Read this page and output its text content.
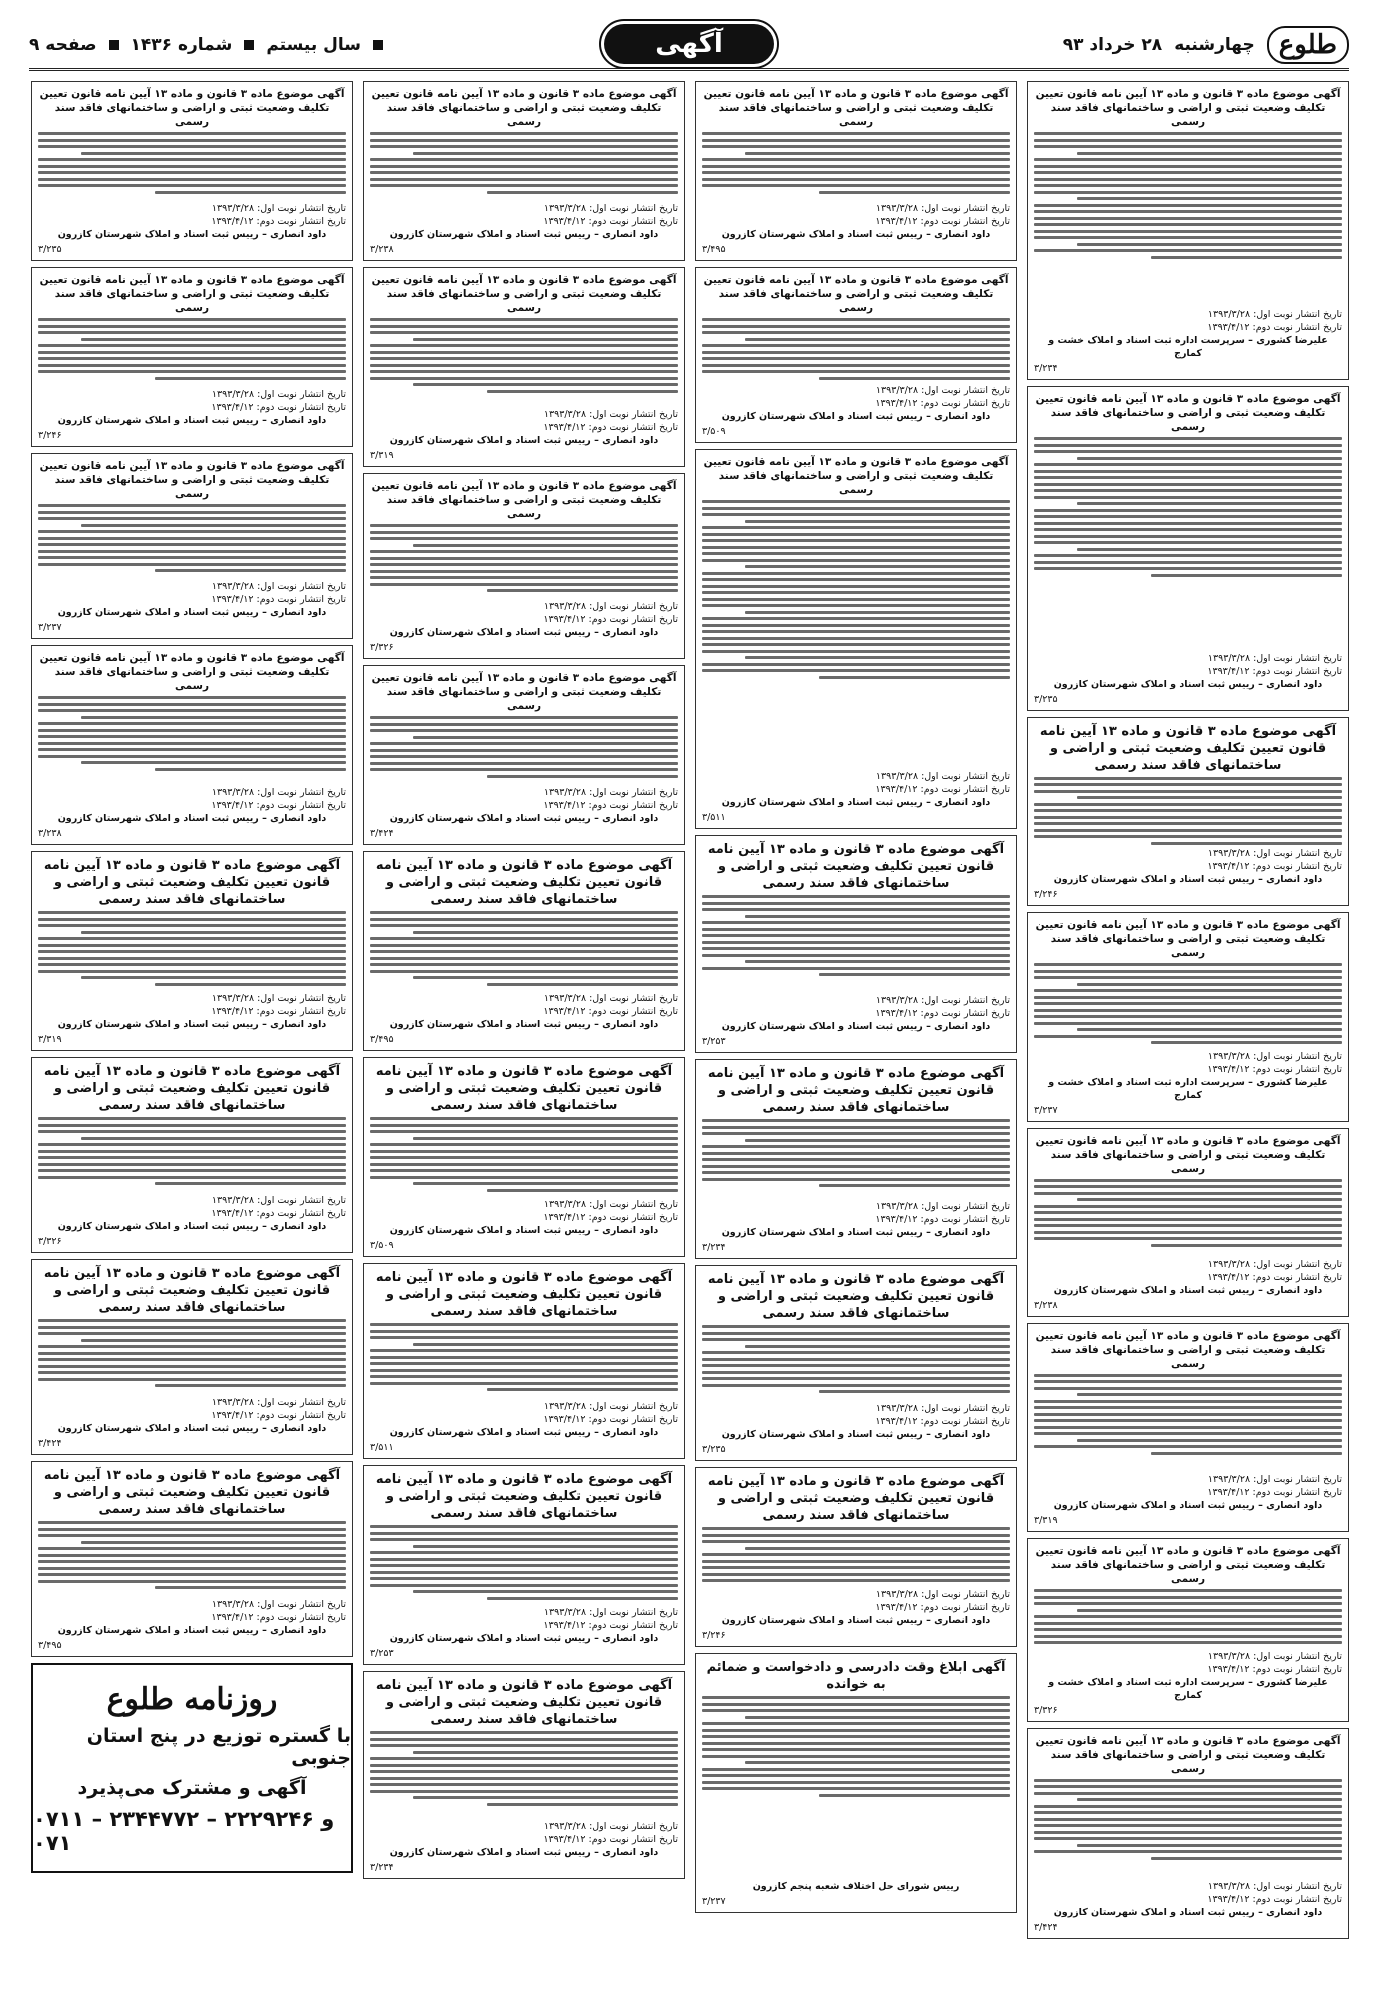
طلوع
چهارشنبه
۲۸ خرداد ۹۳
آگهی
سال بیستم
شماره ۱۴۳۶
صفحه ۹
آگهی موضوع ماده ۳ قانون و ماده ۱۳ آیین نامه قانون تعیین تکلیف وضعیت ثبتی و اراضی و ساختمانهای فاقد سند رسمی
تاریخ انتشار نوبت اول: ۱۳۹۳/۳/۲۸
تاریخ انتشار نوبت دوم: ۱۳۹۳/۴/۱۲
علیرضا کشوری – سرپرست اداره ثبت اسناد و املاک خشت و کمارج
۳/۲۳۴
آگهی موضوع ماده ۳ قانون و ماده ۱۳ آیین نامه قانون تعیین تکلیف وضعیت ثبتی و اراضی و ساختمانهای فاقد سند رسمی
تاریخ انتشار نوبت اول: ۱۳۹۳/۳/۲۸
تاریخ انتشار نوبت دوم: ۱۳۹۳/۴/۱۲
داود انصاری – رییس ثبت اسناد و املاک شهرستان کازرون
۳/۲۳۵
آگهی موضوع ماده ۳ قانون و ماده ۱۳ آیین نامه قانون تعیین تکلیف وضعیت ثبتی و اراضی و ساختمانهای فاقد سند رسمی
تاریخ انتشار نوبت اول: ۱۳۹۳/۳/۲۸
تاریخ انتشار نوبت دوم: ۱۳۹۳/۴/۱۲
داود انصاری – رییس ثبت اسناد و املاک شهرستان کازرون
۳/۲۴۶
آگهی موضوع ماده ۳ قانون و ماده ۱۳ آیین نامه قانون تعیین تکلیف وضعیت ثبتی و اراضی و ساختمانهای فاقد سند رسمی
تاریخ انتشار نوبت اول: ۱۳۹۳/۳/۲۸
تاریخ انتشار نوبت دوم: ۱۳۹۳/۴/۱۲
علیرضا کشوری – سرپرست اداره ثبت اسناد و املاک خشت و کمارج
۳/۲۳۷
آگهی موضوع ماده ۳ قانون و ماده ۱۳ آیین نامه قانون تعیین تکلیف وضعیت ثبتی و اراضی و ساختمانهای فاقد سند رسمی
تاریخ انتشار نوبت اول: ۱۳۹۳/۳/۲۸
تاریخ انتشار نوبت دوم: ۱۳۹۳/۴/۱۲
داود انصاری – رییس ثبت اسناد و املاک شهرستان کازرون
۳/۲۳۸
آگهی موضوع ماده ۳ قانون و ماده ۱۳ آیین نامه قانون تعیین تکلیف وضعیت ثبتی و اراضی و ساختمانهای فاقد سند رسمی
تاریخ انتشار نوبت اول: ۱۳۹۳/۳/۲۸
تاریخ انتشار نوبت دوم: ۱۳۹۳/۴/۱۲
داود انصاری – رییس ثبت اسناد و املاک شهرستان کازرون
۳/۳۱۹
آگهی موضوع ماده ۳ قانون و ماده ۱۳ آیین نامه قانون تعیین تکلیف وضعیت ثبتی و اراضی و ساختمانهای فاقد سند رسمی
تاریخ انتشار نوبت اول: ۱۳۹۳/۳/۲۸
تاریخ انتشار نوبت دوم: ۱۳۹۳/۴/۱۲
علیرضا کشوری – سرپرست اداره ثبت اسناد و املاک خشت و کمارج
۳/۳۲۶
آگهی موضوع ماده ۳ قانون و ماده ۱۳ آیین نامه قانون تعیین تکلیف وضعیت ثبتی و اراضی و ساختمانهای فاقد سند رسمی
تاریخ انتشار نوبت اول: ۱۳۹۳/۳/۲۸
تاریخ انتشار نوبت دوم: ۱۳۹۳/۴/۱۲
داود انصاری – رییس ثبت اسناد و املاک شهرستان کازرون
۳/۴۲۴
آگهی موضوع ماده ۳ قانون و ماده ۱۳ آیین نامه قانون تعیین تکلیف وضعیت ثبتی و اراضی و ساختمانهای فاقد سند رسمی
تاریخ انتشار نوبت اول: ۱۳۹۳/۳/۲۸
تاریخ انتشار نوبت دوم: ۱۳۹۳/۴/۱۲
داود انصاری – رییس ثبت اسناد و املاک شهرستان کازرون
۳/۴۹۵
آگهی موضوع ماده ۳ قانون و ماده ۱۳ آیین نامه قانون تعیین تکلیف وضعیت ثبتی و اراضی و ساختمانهای فاقد سند رسمی
تاریخ انتشار نوبت اول: ۱۳۹۳/۳/۲۸
تاریخ انتشار نوبت دوم: ۱۳۹۳/۴/۱۲
داود انصاری – رییس ثبت اسناد و املاک شهرستان کازرون
۳/۵۰۹
آگهی موضوع ماده ۳ قانون و ماده ۱۳ آیین نامه قانون تعیین تکلیف وضعیت ثبتی و اراضی و ساختمانهای فاقد سند رسمی
تاریخ انتشار نوبت اول: ۱۳۹۳/۳/۲۸
تاریخ انتشار نوبت دوم: ۱۳۹۳/۴/۱۲
داود انصاری – رییس ثبت اسناد و املاک شهرستان کازرون
۳/۵۱۱
آگهی موضوع ماده ۳ قانون و ماده ۱۳ آیین نامه قانون تعیین تکلیف وضعیت ثبتی و اراضی و ساختمانهای فاقد سند رسمی
تاریخ انتشار نوبت اول: ۱۳۹۳/۳/۲۸
تاریخ انتشار نوبت دوم: ۱۳۹۳/۴/۱۲
داود انصاری – رییس ثبت اسناد و املاک شهرستان کازرون
۳/۲۵۳
آگهی موضوع ماده ۳ قانون و ماده ۱۳ آیین نامه قانون تعیین تکلیف وضعیت ثبتی و اراضی و ساختمانهای فاقد سند رسمی
تاریخ انتشار نوبت اول: ۱۳۹۳/۳/۲۸
تاریخ انتشار نوبت دوم: ۱۳۹۳/۴/۱۲
داود انصاری – رییس ثبت اسناد و املاک شهرستان کازرون
۳/۲۳۴
آگهی موضوع ماده ۳ قانون و ماده ۱۳ آیین نامه قانون تعیین تکلیف وضعیت ثبتی و اراضی و ساختمانهای فاقد سند رسمی
تاریخ انتشار نوبت اول: ۱۳۹۳/۳/۲۸
تاریخ انتشار نوبت دوم: ۱۳۹۳/۴/۱۲
داود انصاری – رییس ثبت اسناد و املاک شهرستان کازرون
۳/۲۳۵
آگهی موضوع ماده ۳ قانون و ماده ۱۳ آیین نامه قانون تعیین تکلیف وضعیت ثبتی و اراضی و ساختمانهای فاقد سند رسمی
تاریخ انتشار نوبت اول: ۱۳۹۳/۳/۲۸
تاریخ انتشار نوبت دوم: ۱۳۹۳/۴/۱۲
داود انصاری – رییس ثبت اسناد و املاک شهرستان کازرون
۳/۲۴۶
آگهی ابلاغ وقت دادرسی و دادخواست و ضمائم به خوانده
رییس شورای حل اختلاف شعبه پنجم کازرون
۳/۲۳۷
آگهی موضوع ماده ۳ قانون و ماده ۱۳ آیین نامه قانون تعیین تکلیف وضعیت ثبتی و اراضی و ساختمانهای فاقد سند رسمی
تاریخ انتشار نوبت اول: ۱۳۹۳/۳/۲۸
تاریخ انتشار نوبت دوم: ۱۳۹۳/۴/۱۲
داود انصاری – رییس ثبت اسناد و املاک شهرستان کازرون
۳/۲۳۸
آگهی موضوع ماده ۳ قانون و ماده ۱۳ آیین نامه قانون تعیین تکلیف وضعیت ثبتی و اراضی و ساختمانهای فاقد سند رسمی
تاریخ انتشار نوبت اول: ۱۳۹۳/۳/۲۸
تاریخ انتشار نوبت دوم: ۱۳۹۳/۴/۱۲
داود انصاری – رییس ثبت اسناد و املاک شهرستان کازرون
۳/۳۱۹
آگهی موضوع ماده ۳ قانون و ماده ۱۳ آیین نامه قانون تعیین تکلیف وضعیت ثبتی و اراضی و ساختمانهای فاقد سند رسمی
تاریخ انتشار نوبت اول: ۱۳۹۳/۳/۲۸
تاریخ انتشار نوبت دوم: ۱۳۹۳/۴/۱۲
داود انصاری – رییس ثبت اسناد و املاک شهرستان کازرون
۳/۳۲۶
آگهی موضوع ماده ۳ قانون و ماده ۱۳ آیین نامه قانون تعیین تکلیف وضعیت ثبتی و اراضی و ساختمانهای فاقد سند رسمی
تاریخ انتشار نوبت اول: ۱۳۹۳/۳/۲۸
تاریخ انتشار نوبت دوم: ۱۳۹۳/۴/۱۲
داود انصاری – رییس ثبت اسناد و املاک شهرستان کازرون
۳/۴۲۴
آگهی موضوع ماده ۳ قانون و ماده ۱۳ آیین نامه قانون تعیین تکلیف وضعیت ثبتی و اراضی و ساختمانهای فاقد سند رسمی
تاریخ انتشار نوبت اول: ۱۳۹۳/۳/۲۸
تاریخ انتشار نوبت دوم: ۱۳۹۳/۴/۱۲
داود انصاری – رییس ثبت اسناد و املاک شهرستان کازرون
۳/۴۹۵
آگهی موضوع ماده ۳ قانون و ماده ۱۳ آیین نامه قانون تعیین تکلیف وضعیت ثبتی و اراضی و ساختمانهای فاقد سند رسمی
تاریخ انتشار نوبت اول: ۱۳۹۳/۳/۲۸
تاریخ انتشار نوبت دوم: ۱۳۹۳/۴/۱۲
داود انصاری – رییس ثبت اسناد و املاک شهرستان کازرون
۳/۵۰۹
آگهی موضوع ماده ۳ قانون و ماده ۱۳ آیین نامه قانون تعیین تکلیف وضعیت ثبتی و اراضی و ساختمانهای فاقد سند رسمی
تاریخ انتشار نوبت اول: ۱۳۹۳/۳/۲۸
تاریخ انتشار نوبت دوم: ۱۳۹۳/۴/۱۲
داود انصاری – رییس ثبت اسناد و املاک شهرستان کازرون
۳/۵۱۱
آگهی موضوع ماده ۳ قانون و ماده ۱۳ آیین نامه قانون تعیین تکلیف وضعیت ثبتی و اراضی و ساختمانهای فاقد سند رسمی
تاریخ انتشار نوبت اول: ۱۳۹۳/۳/۲۸
تاریخ انتشار نوبت دوم: ۱۳۹۳/۴/۱۲
داود انصاری – رییس ثبت اسناد و املاک شهرستان کازرون
۳/۲۵۳
آگهی موضوع ماده ۳ قانون و ماده ۱۳ آیین نامه قانون تعیین تکلیف وضعیت ثبتی و اراضی و ساختمانهای فاقد سند رسمی
تاریخ انتشار نوبت اول: ۱۳۹۳/۳/۲۸
تاریخ انتشار نوبت دوم: ۱۳۹۳/۴/۱۲
داود انصاری – رییس ثبت اسناد و املاک شهرستان کازرون
۳/۲۳۴
آگهی موضوع ماده ۳ قانون و ماده ۱۳ آیین نامه قانون تعیین تکلیف وضعیت ثبتی و اراضی و ساختمانهای فاقد سند رسمی
تاریخ انتشار نوبت اول: ۱۳۹۳/۳/۲۸
تاریخ انتشار نوبت دوم: ۱۳۹۳/۴/۱۲
داود انصاری – رییس ثبت اسناد و املاک شهرستان کازرون
۳/۲۳۵
آگهی موضوع ماده ۳ قانون و ماده ۱۳ آیین نامه قانون تعیین تکلیف وضعیت ثبتی و اراضی و ساختمانهای فاقد سند رسمی
تاریخ انتشار نوبت اول: ۱۳۹۳/۳/۲۸
تاریخ انتشار نوبت دوم: ۱۳۹۳/۴/۱۲
داود انصاری – رییس ثبت اسناد و املاک شهرستان کازرون
۳/۲۴۶
آگهی موضوع ماده ۳ قانون و ماده ۱۳ آیین نامه قانون تعیین تکلیف وضعیت ثبتی و اراضی و ساختمانهای فاقد سند رسمی
تاریخ انتشار نوبت اول: ۱۳۹۳/۳/۲۸
تاریخ انتشار نوبت دوم: ۱۳۹۳/۴/۱۲
داود انصاری – رییس ثبت اسناد و املاک شهرستان کازرون
۳/۲۳۷
آگهی موضوع ماده ۳ قانون و ماده ۱۳ آیین نامه قانون تعیین تکلیف وضعیت ثبتی و اراضی و ساختمانهای فاقد سند رسمی
تاریخ انتشار نوبت اول: ۱۳۹۳/۳/۲۸
تاریخ انتشار نوبت دوم: ۱۳۹۳/۴/۱۲
داود انصاری – رییس ثبت اسناد و املاک شهرستان کازرون
۳/۲۳۸
آگهی موضوع ماده ۳ قانون و ماده ۱۳ آیین نامه قانون تعیین تکلیف وضعیت ثبتی و اراضی و ساختمانهای فاقد سند رسمی
تاریخ انتشار نوبت اول: ۱۳۹۳/۳/۲۸
تاریخ انتشار نوبت دوم: ۱۳۹۳/۴/۱۲
داود انصاری – رییس ثبت اسناد و املاک شهرستان کازرون
۳/۳۱۹
آگهی موضوع ماده ۳ قانون و ماده ۱۳ آیین نامه قانون تعیین تکلیف وضعیت ثبتی و اراضی و ساختمانهای فاقد سند رسمی
تاریخ انتشار نوبت اول: ۱۳۹۳/۳/۲۸
تاریخ انتشار نوبت دوم: ۱۳۹۳/۴/۱۲
داود انصاری – رییس ثبت اسناد و املاک شهرستان کازرون
۳/۳۲۶
آگهی موضوع ماده ۳ قانون و ماده ۱۳ آیین نامه قانون تعیین تکلیف وضعیت ثبتی و اراضی و ساختمانهای فاقد سند رسمی
تاریخ انتشار نوبت اول: ۱۳۹۳/۳/۲۸
تاریخ انتشار نوبت دوم: ۱۳۹۳/۴/۱۲
داود انصاری – رییس ثبت اسناد و املاک شهرستان کازرون
۳/۴۲۴
آگهی موضوع ماده ۳ قانون و ماده ۱۳ آیین نامه قانون تعیین تکلیف وضعیت ثبتی و اراضی و ساختمانهای فاقد سند رسمی
تاریخ انتشار نوبت اول: ۱۳۹۳/۳/۲۸
تاریخ انتشار نوبت دوم: ۱۳۹۳/۴/۱۲
داود انصاری – رییس ثبت اسناد و املاک شهرستان کازرون
۳/۴۹۵
روزنامه طلوع
با گستره توزیع در پنج استان جنوبی
آگهی و مشترک می‌پذیرد
۰۷۱۱ – ۲۳۴۴۷۷۲ و ۲۲۲۹۲۴۶ – ۰۷۱
